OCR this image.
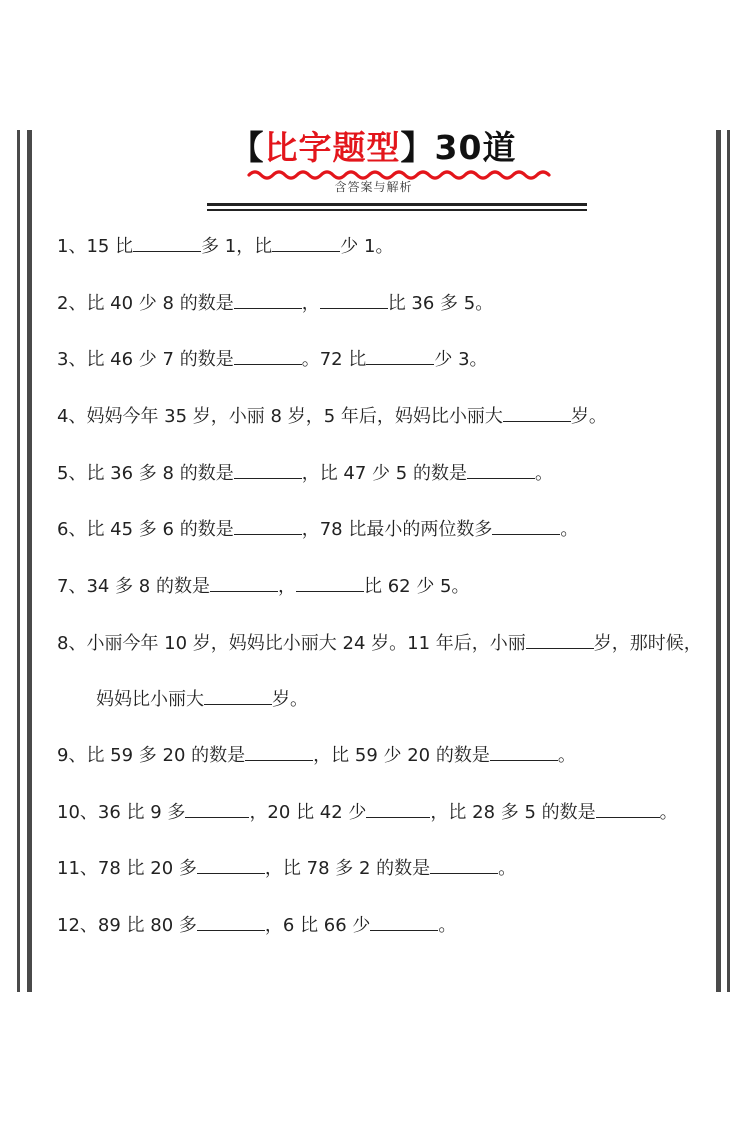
【比字题型】30道
含答案与解析
1、15 比	多 1，比	少 1。
2、比 40 少 8 的数是	，	比 36 多 5。
3、比 46 少 7 的数是	。72 比	少 3。
4、妈妈今年 35 岁，小丽 8 岁，5 年后，妈妈比小丽大	岁。
5、比 36 多 8 的数是	，比 47 少 5 的数是	。
6、比 45 多 6 的数是	，78 比最小的两位数多	。
7、34 多 8 的数是	，	比 62 少 5。
8、小丽今年 10 岁，妈妈比小丽大 24 岁。11 年后，小丽	岁，那时候，
妈妈比小丽大	岁。
9、比 59 多 20 的数是	，比 59 少 20 的数是	。
10、36 比 9 多	，20 比 42 少	，比 28 多 5 的数是	。
11、78 比 20 多	，比 78 多 2 的数是	。
12、89 比 80 多	，6 比 66 少	。
